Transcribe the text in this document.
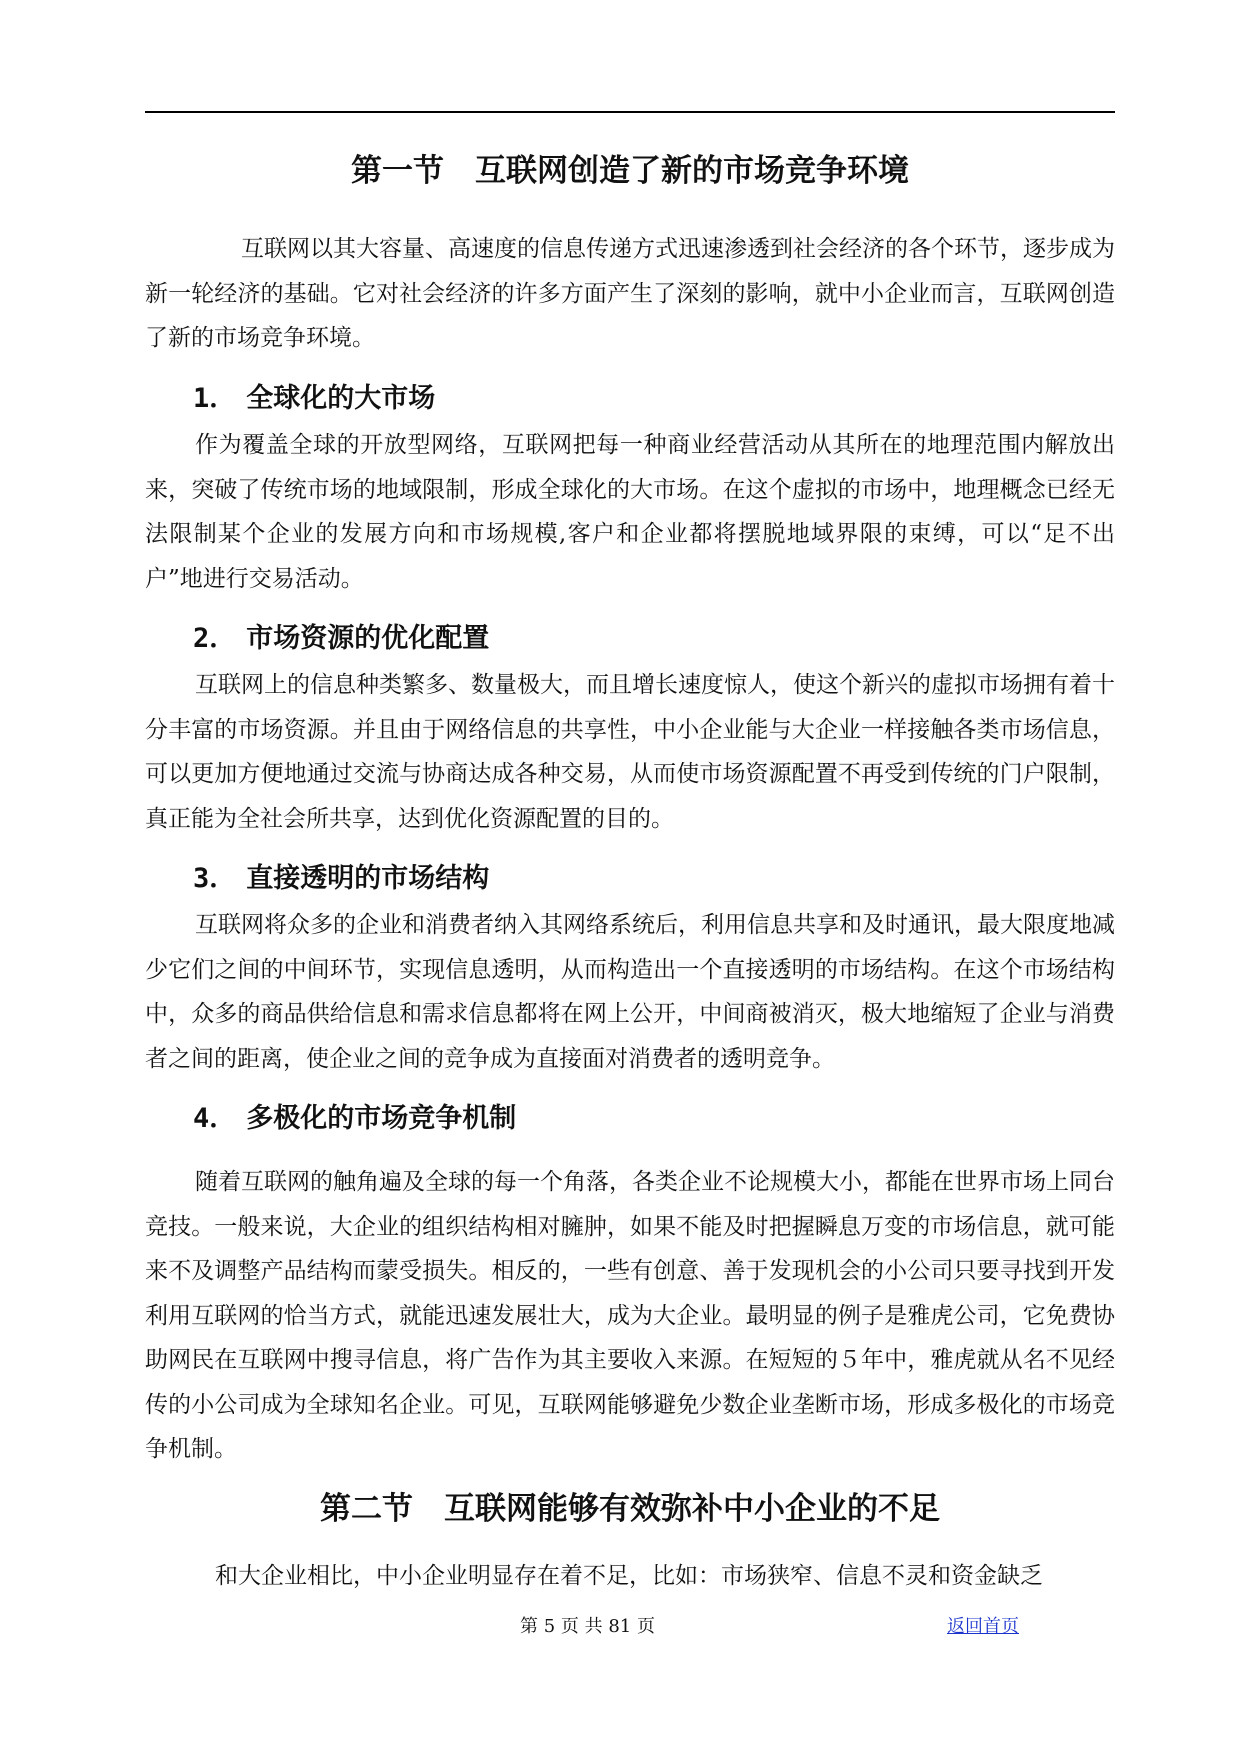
第一节　互联网创造了新的市场竞争环境

互联网以其大容量、高速度的信息传递方式迅速渗透到社会经济的各个环节，逐步成为新一轮经济的基础。它对社会经济的许多方面产生了深刻的影响，就中小企业而言，互联网创造了新的市场竞争环境。

1． 全球化的大市场

作为覆盖全球的开放型网络，互联网把每一种商业经营活动从其所在的地理范围内解放出来，突破了传统市场的地域限制，形成全球化的大市场。在这个虚拟的市场中，地理概念已经无法限制某个企业的发展方向和市场规模,客户和企业都将摆脱地域界限的束缚，可以“足不出户”地进行交易活动。

2． 市场资源的优化配置

互联网上的信息种类繁多、数量极大，而且增长速度惊人，使这个新兴的虚拟市场拥有着十分丰富的市场资源。并且由于网络信息的共享性，中小企业能与大企业一样接触各类市场信息，可以更加方便地通过交流与协商达成各种交易，从而使市场资源配置不再受到传统的门户限制，真正能为全社会所共享，达到优化资源配置的目的。

3． 直接透明的市场结构

互联网将众多的企业和消费者纳入其网络系统后，利用信息共享和及时通讯，最大限度地减少它们之间的中间环节，实现信息透明，从而构造出一个直接透明的市场结构。在这个市场结构中，众多的商品供给信息和需求信息都将在网上公开，中间商被消灭，极大地缩短了企业与消费者之间的距离，使企业之间的竞争成为直接面对消费者的透明竞争。

4． 多极化的市场竞争机制

随着互联网的触角遍及全球的每一个角落，各类企业不论规模大小，都能在世界市场上同台竞技。一般来说，大企业的组织结构相对臃肿，如果不能及时把握瞬息万变的市场信息，就可能来不及调整产品结构而蒙受损失。相反的，一些有创意、善于发现机会的小公司只要寻找到开发利用互联网的恰当方式，就能迅速发展壮大，成为大企业。最明显的例子是雅虎公司，它免费协助网民在互联网中搜寻信息，将广告作为其主要收入来源。在短短的５年中，雅虎就从名不见经传的小公司成为全球知名企业。可见，互联网能够避免少数企业垄断市场，形成多极化的市场竞争机制。

第二节　互联网能够有效弥补中小企业的不足

和大企业相比，中小企业明显存在着不足，比如：市场狭窄、信息不灵和资金缺乏

第 5 页 共 81 页	返回首页
